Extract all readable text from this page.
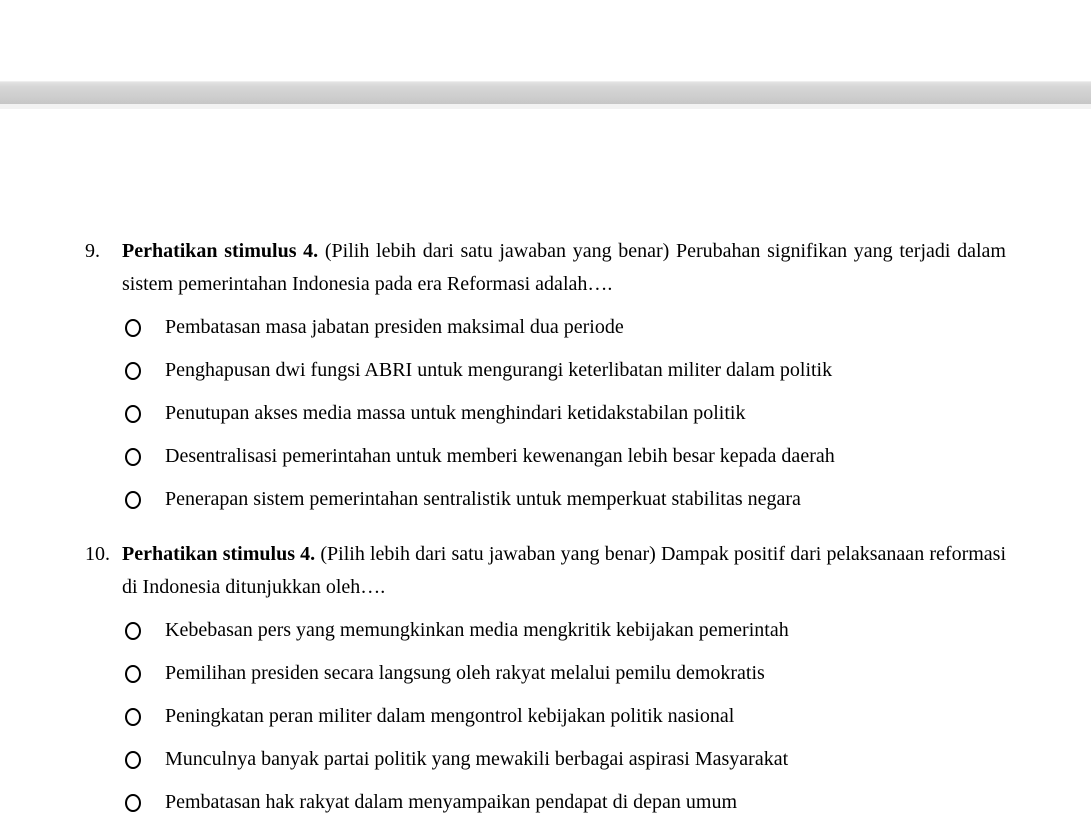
9.	Perhatikan stimulus 4. (Pilih lebih dari satu jawaban yang benar) Perubahan signifikan yang terjadi dalam sistem pemerintahan Indonesia pada era Reformasi adalah….

Pembatasan masa jabatan presiden maksimal dua periode
Penghapusan dwi fungsi ABRI untuk mengurangi keterlibatan militer dalam politik
Penutupan akses media massa untuk menghindari ketidakstabilan politik
Desentralisasi pemerintahan untuk memberi kewenangan lebih besar kepada daerah
Penerapan sistem pemerintahan sentralistik untuk memperkuat stabilitas negara
10. Perhatikan stimulus 4. (Pilih lebih dari satu jawaban yang benar) Dampak positif dari pelaksanaan reformasi di Indonesia ditunjukkan oleh….

Kebebasan pers yang memungkinkan media mengkritik kebijakan pemerintah
Pemilihan presiden secara langsung oleh rakyat melalui pemilu demokratis
Peningkatan peran militer dalam mengontrol kebijakan politik nasional
Munculnya banyak partai politik yang mewakili berbagai aspirasi Masyarakat
Pembatasan hak rakyat dalam menyampaikan pendapat di depan umum
